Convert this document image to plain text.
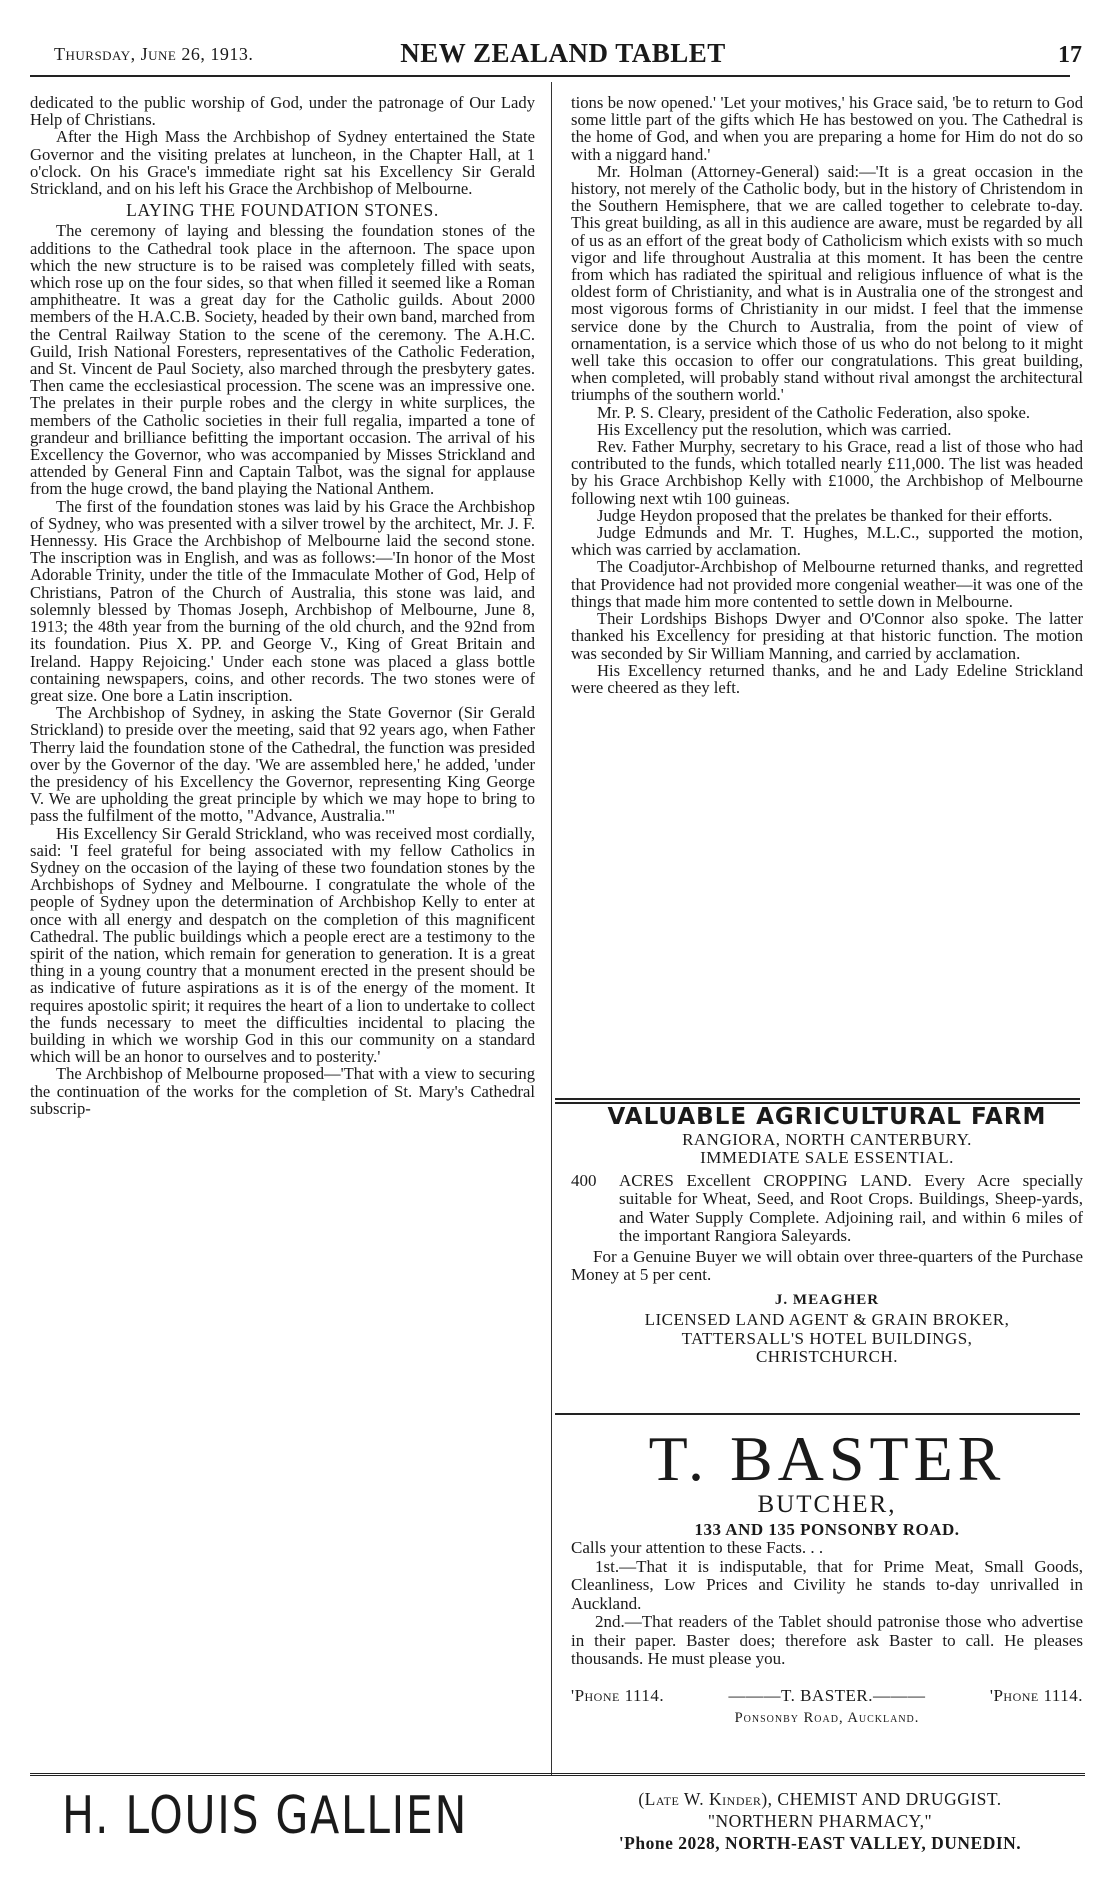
Thursday, June 26, 1913.	NEW ZEALAND TABLET	17

dedicated to the public worship of God, under the patronage of Our Lady Help of Christians.

After the High Mass the Archbishop of Sydney entertained the State Governor and the visiting prelates at luncheon, in the Chapter Hall, at 1 o'clock. On his Grace's immediate right sat his Excellency Sir Gerald Strickland, and on his left his Grace the Archbishop of Melbourne.

LAYING THE FOUNDATION STONES.

The ceremony of laying and blessing the foundation stones of the additions to the Cathedral took place in the afternoon. The space upon which the new structure is to be raised was completely filled with seats, which rose up on the four sides, so that when filled it seemed like a Roman amphitheatre. It was a great day for the Catholic guilds. About 2000 members of the H.A.C.B. Society, headed by their own band, marched from the Central Railway Station to the scene of the ceremony. The A.H.C. Guild, Irish National Foresters, representatives of the Catholic Federation, and St. Vincent de Paul Society, also marched through the presbytery gates. Then came the ecclesiastical procession. The scene was an impressive one. The prelates in their purple robes and the clergy in white surplices, the members of the Catholic societies in their full regalia, imparted a tone of grandeur and brilliance befitting the important occasion. The arrival of his Excellency the Governor, who was accompanied by Misses Strickland and attended by General Finn and Captain Talbot, was the signal for applause from the huge crowd, the band playing the National Anthem.

The first of the foundation stones was laid by his Grace the Archbishop of Sydney, who was presented with a silver trowel by the architect, Mr. J. F. Hennessy. His Grace the Archbishop of Melbourne laid the second stone. The inscription was in English, and was as follows:—'In honor of the Most Adorable Trinity, under the title of the Immaculate Mother of God, Help of Christians, Patron of the Church of Australia, this stone was laid, and solemnly blessed by Thomas Joseph, Archbishop of Melbourne, June 8, 1913; the 48th year from the burning of the old church, and the 92nd from its foundation. Pius X. PP. and George V., King of Great Britain and Ireland. Happy Rejoicing.' Under each stone was placed a glass bottle containing newspapers, coins, and other records. The two stones were of great size. One bore a Latin inscription.

The Archbishop of Sydney, in asking the State Governor (Sir Gerald Strickland) to preside over the meeting, said that 92 years ago, when Father Therry laid the foundation stone of the Cathedral, the function was presided over by the Governor of the day. 'We are assembled here,' he added, 'under the presidency of his Excellency the Governor, representing King George V. We are upholding the great principle by which we may hope to bring to pass the fulfilment of the motto, "Advance, Australia."'

His Excellency Sir Gerald Strickland, who was received most cordially, said: 'I feel grateful for being associated with my fellow Catholics in Sydney on the occasion of the laying of these two foundation stones by the Archbishops of Sydney and Melbourne. I congratulate the whole of the people of Sydney upon the determination of Archbishop Kelly to enter at once with all energy and despatch on the completion of this magnificent Cathedral. The public buildings which a people erect are a testimony to the spirit of the nation, which remain for generation to generation. It is a great thing in a young country that a monument erected in the present should be as indicative of future aspirations as it is of the energy of the moment. It requires apostolic spirit; it requires the heart of a lion to undertake to collect the funds necessary to meet the difficulties incidental to placing the building in which we worship God in this our community on a standard which will be an honor to ourselves and to posterity.'

The Archbishop of Melbourne proposed—'That with a view to securing the continuation of the works for the completion of St. Mary's Cathedral subscrip-

tions be now opened.' 'Let your motives,' his Grace said, 'be to return to God some little part of the gifts which He has bestowed on you. The Cathedral is the home of God, and when you are preparing a home for Him do not do so with a niggard hand.'

Mr. Holman (Attorney-General) said:—'It is a great occasion in the history, not merely of the Catholic body, but in the history of Christendom in the Southern Hemisphere, that we are called together to celebrate to-day. This great building, as all in this audience are aware, must be regarded by all of us as an effort of the great body of Catholicism which exists with so much vigor and life throughout Australia at this moment. It has been the centre from which has radiated the spiritual and religious influence of what is the oldest form of Christianity, and what is in Australia one of the strongest and most vigorous forms of Christianity in our midst. I feel that the immense service done by the Church to Australia, from the point of view of ornamentation, is a service which those of us who do not belong to it might well take this occasion to offer our congratulations. This great building, when completed, will probably stand without rival amongst the architectural triumphs of the southern world.'

Mr. P. S. Cleary, president of the Catholic Federation, also spoke.

His Excellency put the resolution, which was carried.

Rev. Father Murphy, secretary to his Grace, read a list of those who had contributed to the funds, which totalled nearly £11,000. The list was headed by his Grace Archbishop Kelly with £1000, the Archbishop of Melbourne following next wtih 100 guineas.

Judge Heydon proposed that the prelates be thanked for their efforts.

Judge Edmunds and Mr. T. Hughes, M.L.C., supported the motion, which was carried by acclamation.

The Coadjutor-Archbishop of Melbourne returned thanks, and regretted that Providence had not provided more congenial weather—it was one of the things that made him more contented to settle down in Melbourne.

Their Lordships Bishops Dwyer and O'Connor also spoke. The latter thanked his Excellency for presiding at that historic function. The motion was seconded by Sir William Manning, and carried by acclamation.

His Excellency returned thanks, and he and Lady Edeline Strickland were cheered as they left.

VALUABLE AGRICULTURAL FARM
RANGIORA, NORTH CANTERBURY.
IMMEDIATE SALE ESSENTIAL.
400	ACRES Excellent CROPPING LAND. Every Acre specially suitable for Wheat, Seed, and Root Crops. Buildings, Sheep-yards, and Water Supply Complete. Adjoining rail, and within 6 miles of the important Rangiora Saleyards.
For a Genuine Buyer we will obtain over three-quarters of the Purchase Money at 5 per cent.
J. MEAGHER
LICENSED LAND AGENT & GRAIN BROKER,
TATTERSALL'S HOTEL BUILDINGS,
CHRISTCHURCH.
T. BASTER
BUTCHER,
133 AND 135 PONSONBY ROAD.

Calls your attention to these Facts. . .

1st.—That it is indisputable, that for Prime Meat, Small Goods, Cleanliness, Low Prices and Civility he stands to-day unrivalled in Auckland.

2nd.—That readers of the Tablet should patronise those who advertise in their paper. Baster does; therefore ask Baster to call. He pleases thousands. He must please you.

'Phone 1114.	———T. BASTER.———	'Phone 1114.
Ponsonby Road, Auckland.
H. LOUIS GALLIEN	(Late W. Kinder), CHEMIST AND DRUGGIST.
"NORTHERN PHARMACY,"
'Phone 2028, NORTH-EAST VALLEY, DUNEDIN.
